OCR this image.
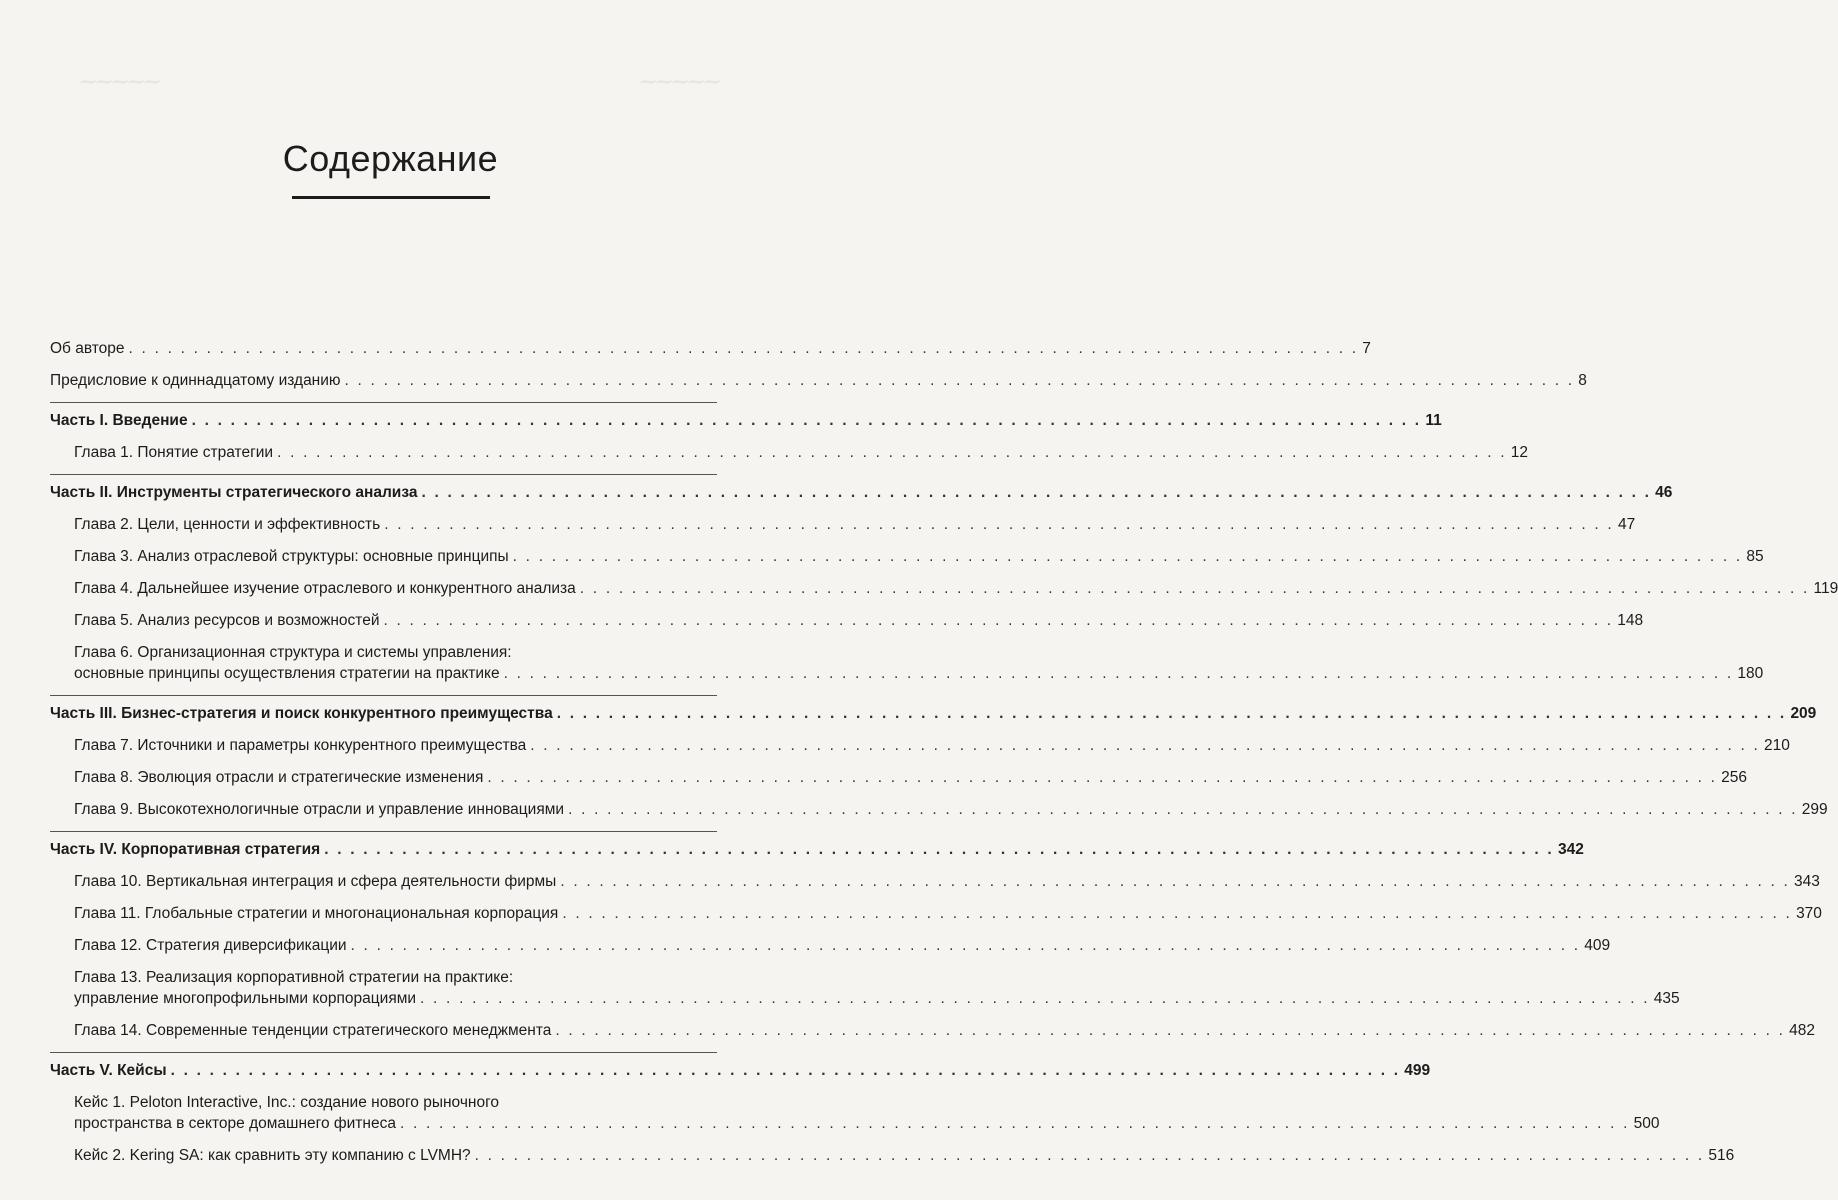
⁓⁓⁓⁓⁓
⁓⁓⁓⁓⁓
Содержание
Об авторе . . . . . . . . . . . . . . . . . . . . . . . . . . . . . . . . . . . . . . . . . . . . . . . . . . . . . . . . . . . . . . . . . . . . . . . . . . . . . . . . . . . . . . . . . . . . . . . 7
Предисловие к одиннадцатому изданию . . . . . . . . . . . . . . . . . . . . . . . . . . . . . . . . . . . . . . . . . . . . . . . . . . . . . . . . . . . . . . . . . . . . . . . . . . . . . . . . . . . . . . . . . . . . . . . 8
Часть I. Введение . . . . . . . . . . . . . . . . . . . . . . . . . . . . . . . . . . . . . . . . . . . . . . . . . . . . . . . . . . . . . . . . . . . . . . . . . . . . . . . . . . . . . . . . . . . . . . . 11
Глава 1. Понятие стратегии . . . . . . . . . . . . . . . . . . . . . . . . . . . . . . . . . . . . . . . . . . . . . . . . . . . . . . . . . . . . . . . . . . . . . . . . . . . . . . . . . . . . . . . . . . . . . . . 12
Часть II. Инструменты стратегического анализа . . . . . . . . . . . . . . . . . . . . . . . . . . . . . . . . . . . . . . . . . . . . . . . . . . . . . . . . . . . . . . . . . . . . . . . . . . . . . . . . . . . . . . . . . . . . . . . 46
Глава 2. Цели, ценности и эффективность . . . . . . . . . . . . . . . . . . . . . . . . . . . . . . . . . . . . . . . . . . . . . . . . . . . . . . . . . . . . . . . . . . . . . . . . . . . . . . . . . . . . . . . . . . . . . . . 47
Глава 3. Анализ отраслевой структуры: основные принципы . . . . . . . . . . . . . . . . . . . . . . . . . . . . . . . . . . . . . . . . . . . . . . . . . . . . . . . . . . . . . . . . . . . . . . . . . . . . . . . . . . . . . . . . . . . . . . . 85
Глава 4. Дальнейшее изучение отраслевого и конкурентного анализа . . . . . . . . . . . . . . . . . . . . . . . . . . . . . . . . . . . . . . . . . . . . . . . . . . . . . . . . . . . . . . . . . . . . . . . . . . . . . . . . . . . . . . . . . . . . . . . 119
Глава 5. Анализ ресурсов и возможностей . . . . . . . . . . . . . . . . . . . . . . . . . . . . . . . . . . . . . . . . . . . . . . . . . . . . . . . . . . . . . . . . . . . . . . . . . . . . . . . . . . . . . . . . . . . . . . . 148
Глава 6. Организационная структура и системы управления:
основные принципы осуществления стратегии на практике . . . . . . . . . . . . . . . . . . . . . . . . . . . . . . . . . . . . . . . . . . . . . . . . . . . . . . . . . . . . . . . . . . . . . . . . . . . . . . . . . . . . . . . . . . . . . . . 180
Часть III. Бизнес-стратегия и поиск конкурентного преимущества . . . . . . . . . . . . . . . . . . . . . . . . . . . . . . . . . . . . . . . . . . . . . . . . . . . . . . . . . . . . . . . . . . . . . . . . . . . . . . . . . . . . . . . . . . . . . . . 209
Глава 7. Источники и параметры конкурентного преимущества . . . . . . . . . . . . . . . . . . . . . . . . . . . . . . . . . . . . . . . . . . . . . . . . . . . . . . . . . . . . . . . . . . . . . . . . . . . . . . . . . . . . . . . . . . . . . . . 210
Глава 8. Эволюция отрасли и стратегические изменения . . . . . . . . . . . . . . . . . . . . . . . . . . . . . . . . . . . . . . . . . . . . . . . . . . . . . . . . . . . . . . . . . . . . . . . . . . . . . . . . . . . . . . . . . . . . . . . 256
Глава 9. Высокотехнологичные отрасли и управление инновациями . . . . . . . . . . . . . . . . . . . . . . . . . . . . . . . . . . . . . . . . . . . . . . . . . . . . . . . . . . . . . . . . . . . . . . . . . . . . . . . . . . . . . . . . . . . . . . . 299
Часть IV. Корпоративная стратегия . . . . . . . . . . . . . . . . . . . . . . . . . . . . . . . . . . . . . . . . . . . . . . . . . . . . . . . . . . . . . . . . . . . . . . . . . . . . . . . . . . . . . . . . . . . . . . . 342
Глава 10. Вертикальная интеграция и сфера деятельности фирмы . . . . . . . . . . . . . . . . . . . . . . . . . . . . . . . . . . . . . . . . . . . . . . . . . . . . . . . . . . . . . . . . . . . . . . . . . . . . . . . . . . . . . . . . . . . . . . . 343
Глава 11. Глобальные стратегии и многонациональная корпорация . . . . . . . . . . . . . . . . . . . . . . . . . . . . . . . . . . . . . . . . . . . . . . . . . . . . . . . . . . . . . . . . . . . . . . . . . . . . . . . . . . . . . . . . . . . . . . . 370
Глава 12. Стратегия диверсификации . . . . . . . . . . . . . . . . . . . . . . . . . . . . . . . . . . . . . . . . . . . . . . . . . . . . . . . . . . . . . . . . . . . . . . . . . . . . . . . . . . . . . . . . . . . . . . . 409
Глава 13. Реализация корпоративной стратегии на практике:
управление многопрофильными корпорациями . . . . . . . . . . . . . . . . . . . . . . . . . . . . . . . . . . . . . . . . . . . . . . . . . . . . . . . . . . . . . . . . . . . . . . . . . . . . . . . . . . . . . . . . . . . . . . . 435
Глава 14. Современные тенденции стратегического менеджмента . . . . . . . . . . . . . . . . . . . . . . . . . . . . . . . . . . . . . . . . . . . . . . . . . . . . . . . . . . . . . . . . . . . . . . . . . . . . . . . . . . . . . . . . . . . . . . . 482
Часть V. Кейсы . . . . . . . . . . . . . . . . . . . . . . . . . . . . . . . . . . . . . . . . . . . . . . . . . . . . . . . . . . . . . . . . . . . . . . . . . . . . . . . . . . . . . . . . . . . . . . . 499
Кейс 1. Peloton Interactive, Inc.: создание нового рыночного
пространства в секторе домашнего фитнеса . . . . . . . . . . . . . . . . . . . . . . . . . . . . . . . . . . . . . . . . . . . . . . . . . . . . . . . . . . . . . . . . . . . . . . . . . . . . . . . . . . . . . . . . . . . . . . . 500
Кейс 2. Kering SA: как сравнить эту компанию с LVMH? . . . . . . . . . . . . . . . . . . . . . . . . . . . . . . . . . . . . . . . . . . . . . . . . . . . . . . . . . . . . . . . . . . . . . . . . . . . . . . . . . . . . . . . . . . . . . . . 516
